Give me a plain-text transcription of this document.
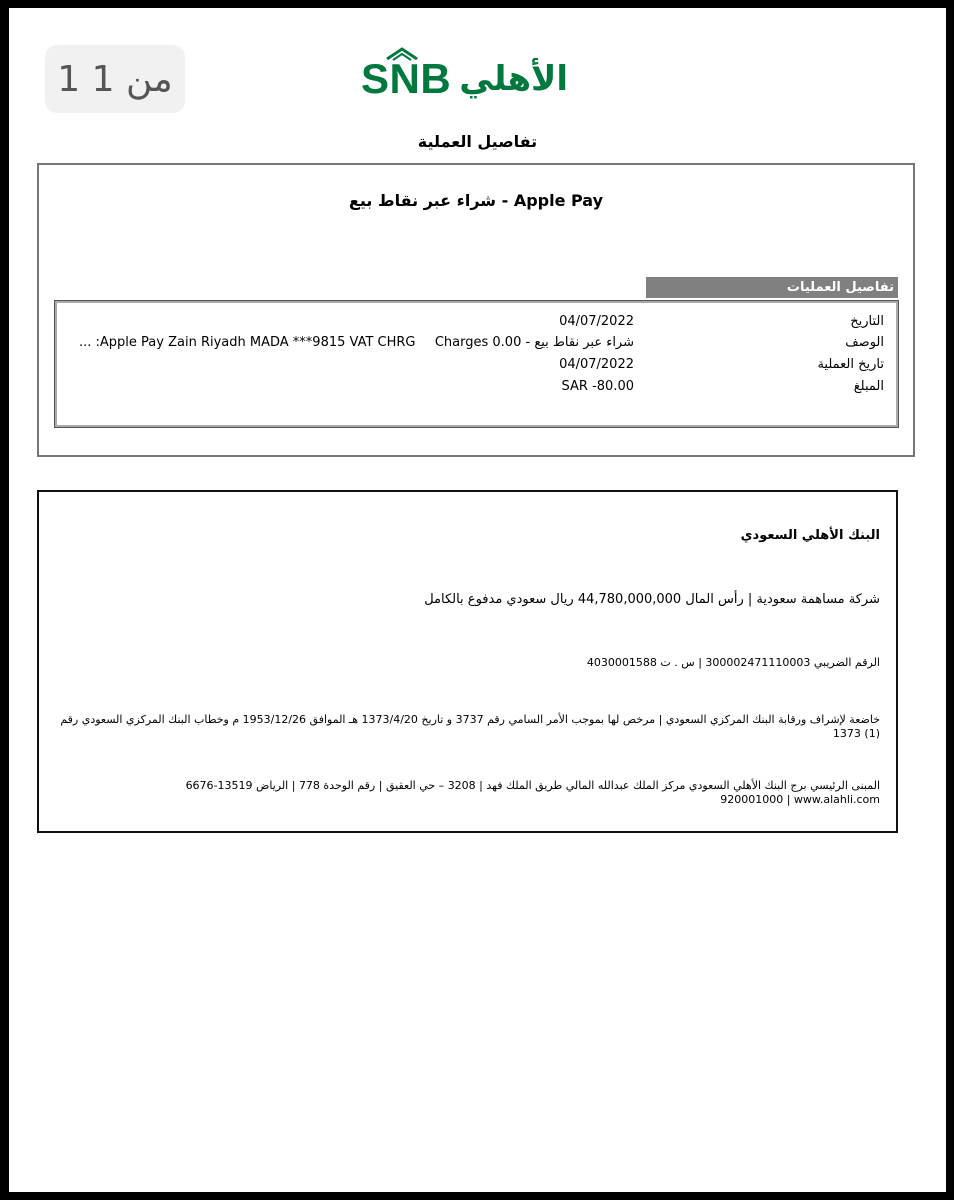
1 من 1	SNB الأهلي
تفاصيل العملية
شراء عبر نقاط بيع - Apple Pay
تفاصيل العمليات
التاريخ
04/07/2022
الوصف
شراء عبر نقاط بيع - 0.00 Charges
... :Apple Pay Zain Riyadh MADA ***9815 VAT CHRG
تاريخ العملية
04/07/2022
المبلغ
SAR -80.00
البنك الأهلي السعودي
شركة مساهمة سعودية | رأس المال 44,780,000,000 ريال سعودي مدفوع بالكامل
الرقم الضريبي 300002471110003 | س . ت 4030001588
خاضعة لإشراف ورقابة البنك المركزي السعودي | مرخص لها بموجب الأمر السامي رقم 3737 و تاريخ 1373/4/20 هـ الموافق 1953/12/26 م وخطاب البنك المركزي السعودي رقم (1) 1373
المبنى الرئيسي برج البنك الأهلي السعودي مركز الملك عبدالله المالي طريق الملك فهد | 3208 – حي العقيق | رقم الوحدة 778 | الرياض 13519-6676
920001000 | www.alahli.com
